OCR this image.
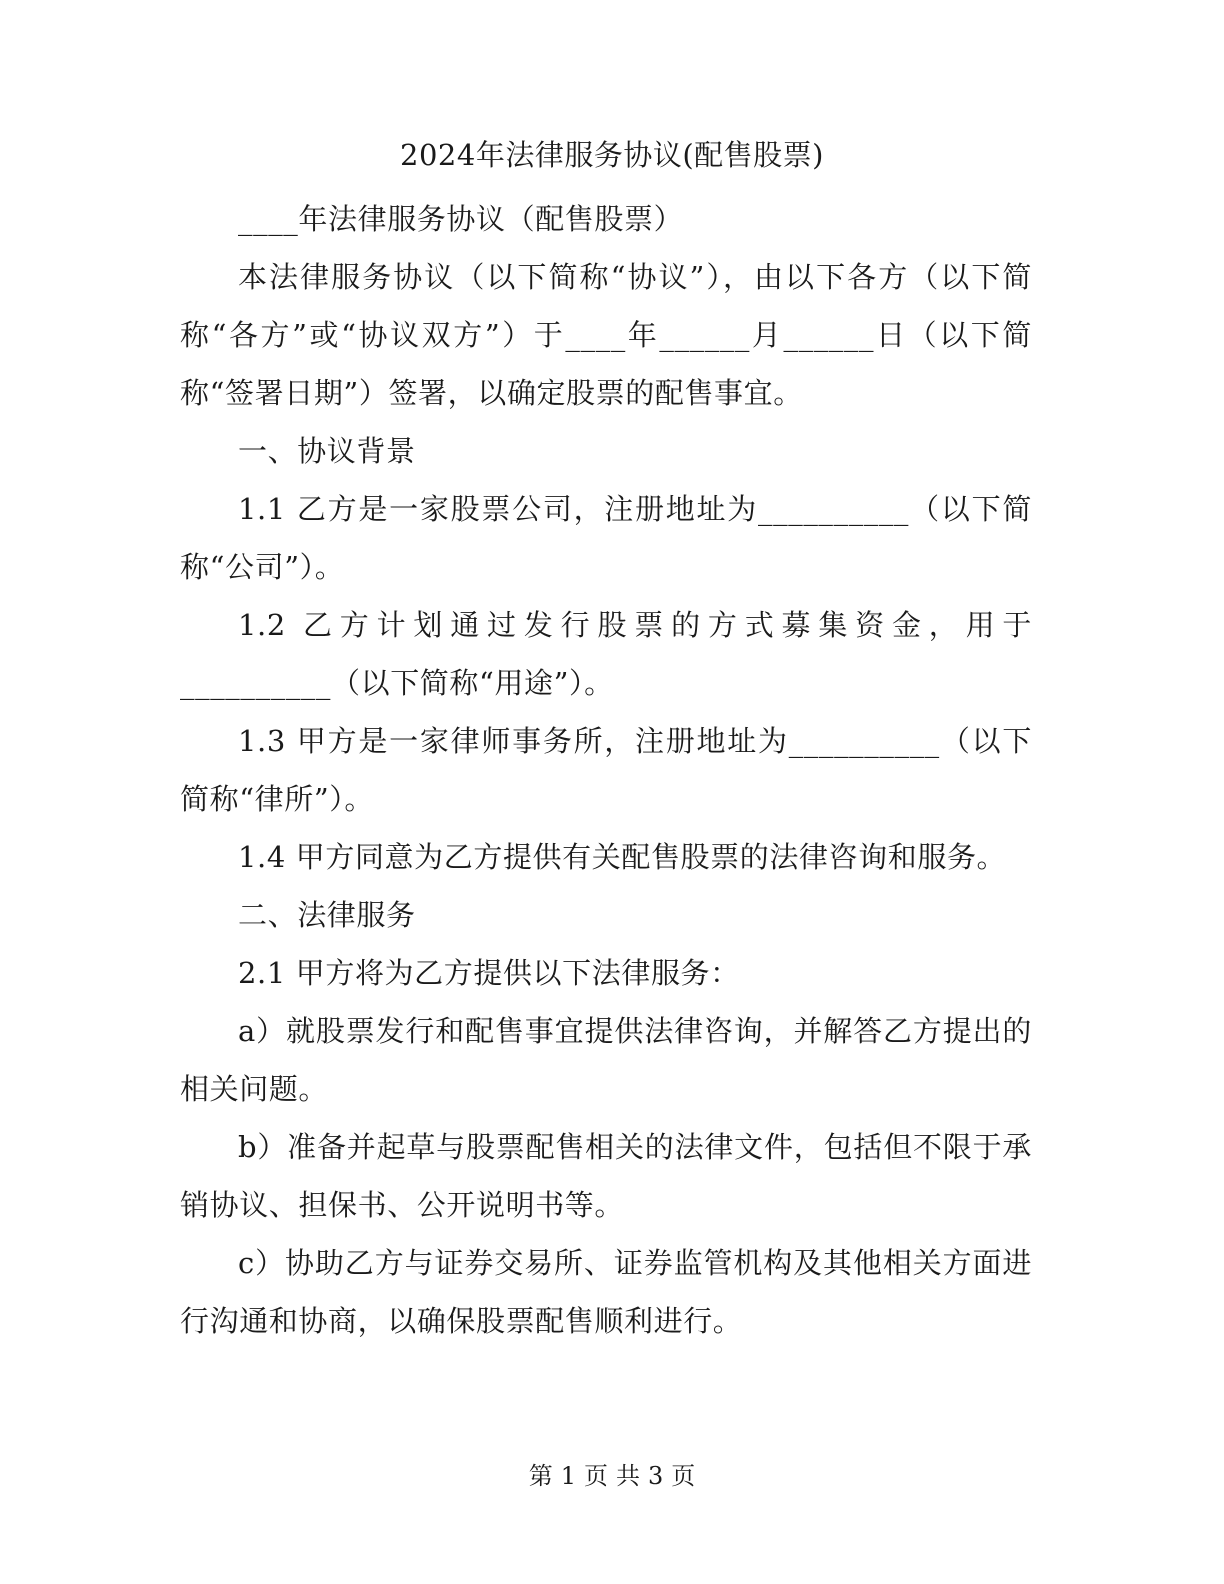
2024年法律服务协议(配售股票)

____年法律服务协议（配售股票）

本法律服务协议（以下简称“协议”），由以下各方（以下简称“各方”或“协议双方”）于____年______月______日（以下简称“签署日期”）签署，以确定股票的配售事宜。

一、协议背景

1.1 乙方是一家股票公司，注册地址为__________（以下简称“公司”）。

1.2 乙方计划通过发行股票的方式募集资金，用于__________（以下简称“用途”）。

1.3 甲方是一家律师事务所，注册地址为__________（以下简称“律所”）。

1.4 甲方同意为乙方提供有关配售股票的法律咨询和服务。

二、法律服务

2.1 甲方将为乙方提供以下法律服务：

a）就股票发行和配售事宜提供法律咨询，并解答乙方提出的相关问题。

b）准备并起草与股票配售相关的法律文件，包括但不限于承销协议、担保书、公开说明书等。

c）协助乙方与证券交易所、证券监管机构及其他相关方面进行沟通和协商，以确保股票配售顺利进行。

第 1 页 共 3 页
